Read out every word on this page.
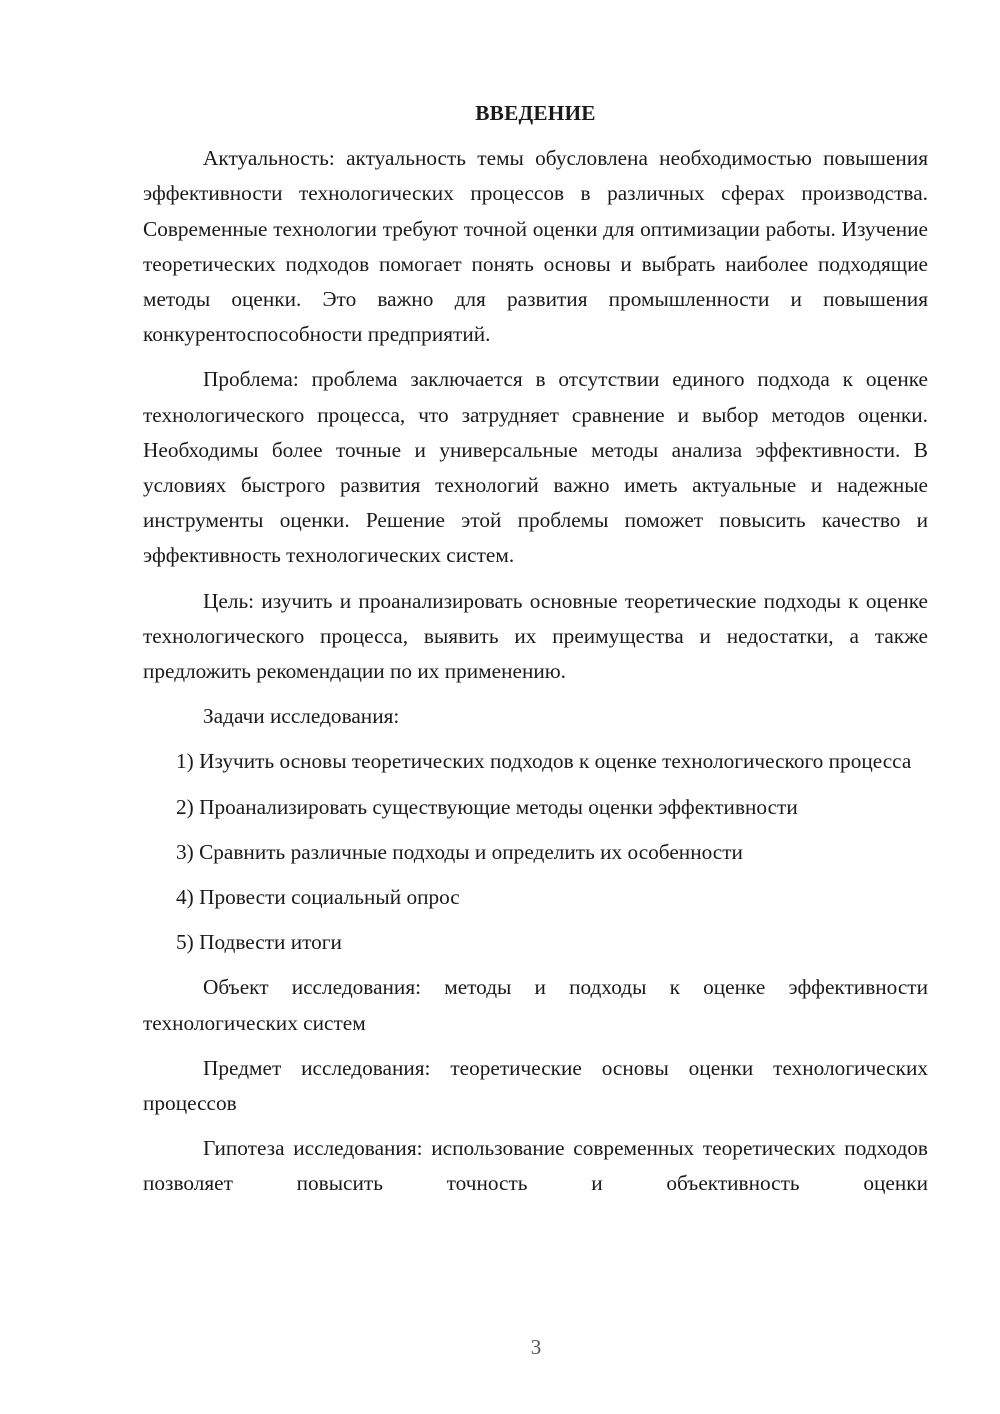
ВВЕДЕНИЕ

Актуальность: актуальность темы обусловлена необходимостью повышения эффективности технологических процессов в различных сферах производства. Современные технологии требуют точной оценки для оптимизации работы. Изучение теоретических подходов помогает понять основы и выбрать наиболее подходящие методы оценки. Это важно для развития промышленности и повышения конкурентоспособности предприятий.

Проблема: проблема заключается в отсутствии единого подхода к оценке технологического процесса, что затрудняет сравнение и выбор методов оценки. Необходимы более точные и универсальные методы анализа эффективности. В условиях быстрого развития технологий важно иметь актуальные и надежные инструменты оценки. Решение этой проблемы поможет повысить качество и эффективность технологических систем.

Цель: изучить и проанализировать основные теоретические подходы к оценке технологического процесса, выявить их преимущества и недостатки, а также предложить рекомендации по их применению.

Задачи исследования:

1) Изучить основы теоретических подходов к оценке технологического процесса

2) Проанализировать существующие методы оценки эффективности

3) Сравнить различные подходы и определить их особенности

4) Провести социальный опрос

5) Подвести итоги

Объект исследования: методы и подходы к оценке эффективности технологических систем

Предмет исследования: теоретические основы оценки технологических процессов

Гипотеза исследования: использование современных теоретических подходов позволяет повысить точность и объективность оценки

3
